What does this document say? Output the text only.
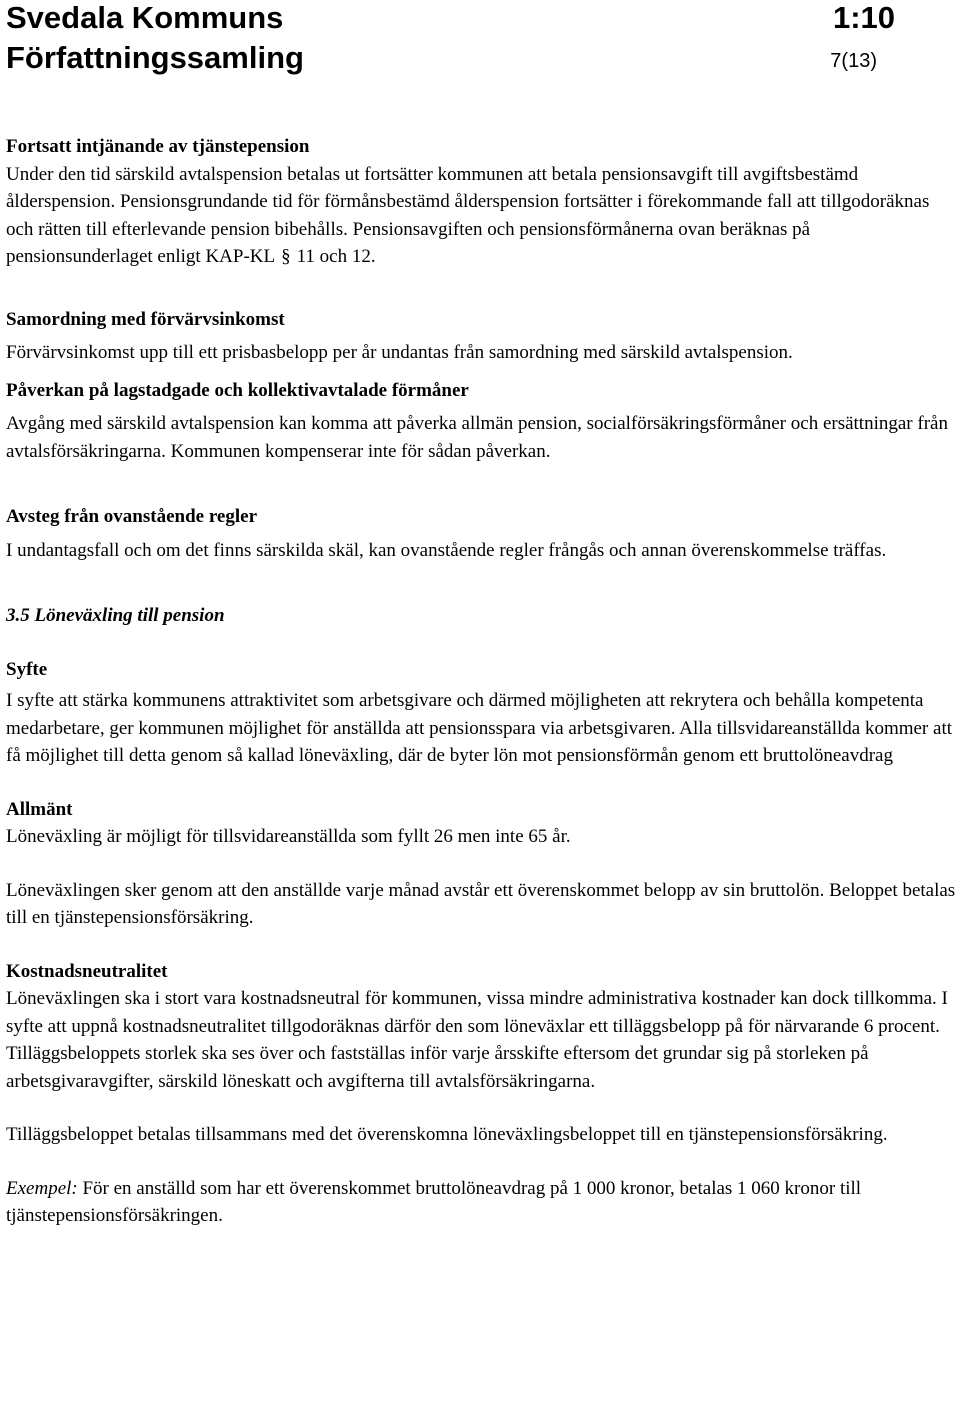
Svedala Kommuns
Författningssamling
1:10
7(13)
Fortsatt intjänande av tjänstepension

Under den tid särskild avtalspension betalas ut fortsätter kommunen att betala pensionsavgift till avgiftsbestämd ålderspension. Pensionsgrundande tid för förmånsbestämd ålderspension fortsätter i förekommande fall att tillgodoräknas och rätten till efterlevande pension bibehålls. Pensionsavgiften och pensionsförmånerna ovan beräknas på pensionsunderlaget enligt KAP-KL § 11 och 12.

Samordning med förvärvsinkomst

Förvärvsinkomst upp till ett prisbasbelopp per år undantas från samordning med särskild avtalspension.

Påverkan på lagstadgade och kollektivavtalade förmåner

Avgång med särskild avtalspension kan komma att påverka allmän pension, socialförsäkringsförmåner och ersättningar från avtalsförsäkringarna. Kommunen kompenserar inte för sådan påverkan.

Avsteg från ovanstående regler

I undantagsfall och om det finns särskilda skäl, kan ovanstående regler frångås och annan överenskommelse träffas.

3.5 Löneväxling till pension
Syfte

I syfte att stärka kommunens attraktivitet som arbetsgivare och därmed möjligheten att rekrytera och behålla kompetenta medarbetare, ger kommunen möjlighet för anställda att pensionsspara via arbetsgivaren. Alla tillsvidareanställda kommer att få möjlighet till detta genom så kallad löneväxling, där de byter lön mot pensionsförmån genom ett bruttolöneavdrag

Allmänt

Löneväxling är möjligt för tillsvidareanställda som fyllt 26 men inte 65 år.

Löneväxlingen sker genom att den anställde varje månad avstår ett överenskommet belopp av sin bruttolön. Beloppet betalas till en tjänstepensionsförsäkring.

Kostnadsneutralitet

Löneväxlingen ska i stort vara kostnadsneutral för kommunen, vissa mindre administrativa kostnader kan dock tillkomma. I syfte att uppnå kostnadsneutralitet tillgodoräknas därför den som löneväxlar ett tilläggsbelopp på för närvarande 6 procent. Tilläggsbeloppets storlek ska ses över och fastställas inför varje årsskifte eftersom det grundar sig på storleken på arbetsgivaravgifter, särskild löneskatt och avgifterna till avtalsförsäkringarna.

Tilläggsbeloppet betalas tillsammans med det överenskomna löneväxlingsbeloppet till en tjänstepensionsförsäkring.

Exempel: För en anställd som har ett överenskommet bruttolöneavdrag på 1 000 kronor, betalas 1 060 kronor till tjänstepensionsförsäkringen.
